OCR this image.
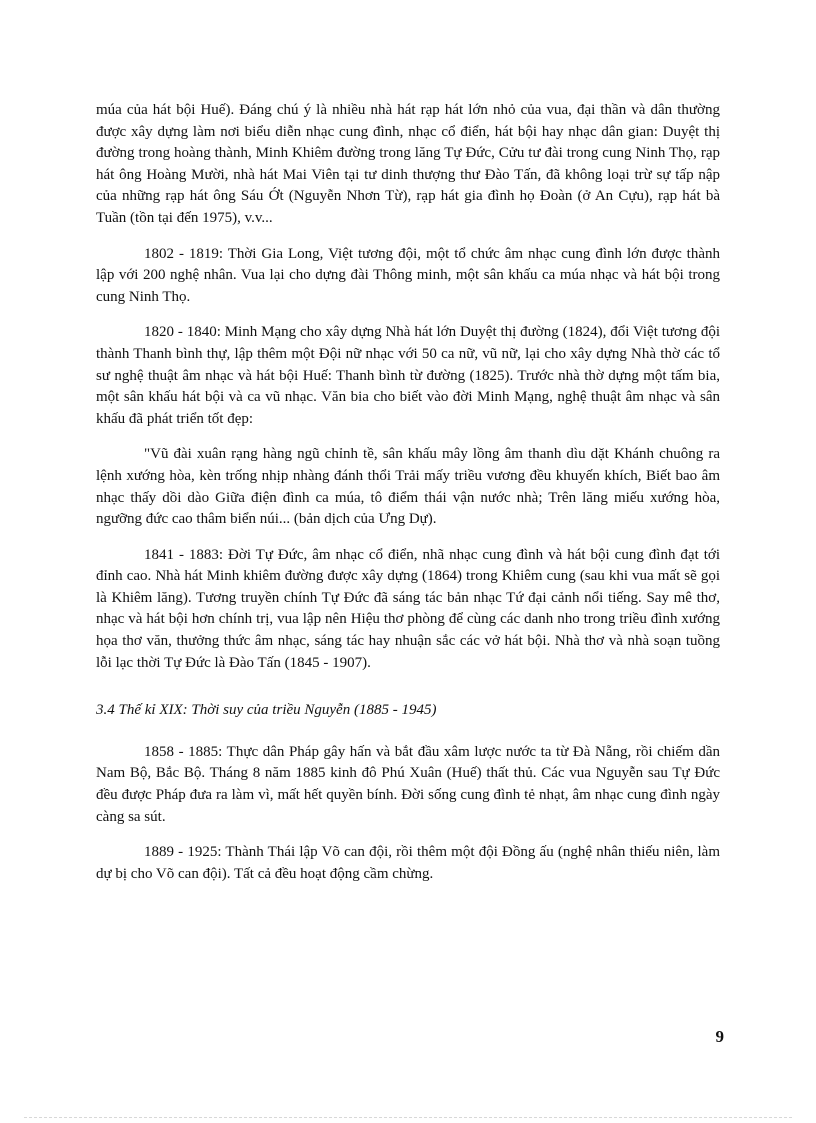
múa của hát bội Huế). Đáng chú ý là nhiều nhà hát rạp hát lớn nhỏ của vua, đại thần và dân thường được xây dựng làm nơi biểu diễn nhạc cung đình, nhạc cổ điển, hát bội hay nhạc dân gian: Duyệt thị đường trong hoàng thành, Minh Khiêm đường trong lăng Tự Đức, Cửu tư đài trong cung Ninh Thọ, rạp hát ông Hoàng Mười, nhà hát Mai Viên tại tư dinh thượng thư Đào Tấn, đã không loại trừ sự tấp nập của những rạp hát ông Sáu Ớt (Nguyễn Nhơn Từ), rạp hát gia đình họ Đoàn (ở An Cựu), rạp hát bà Tuần (tồn tại đến 1975), v.v...

1802 - 1819: Thời Gia Long, Việt tương đội, một tổ chức âm nhạc cung đình lớn được thành lập với 200 nghệ nhân. Vua lại cho dựng đài Thông minh, một sân khấu ca múa nhạc và hát bội trong cung Ninh Thọ.

1820 - 1840: Minh Mạng cho xây dựng Nhà hát lớn Duyệt thị đường (1824), đổi Việt tương đội thành Thanh bình thự, lập thêm một Đội nữ nhạc với 50 ca nữ, vũ nữ, lại cho xây dựng Nhà thờ các tổ sư nghệ thuật âm nhạc và hát bội Huế: Thanh bình từ đường (1825). Trước nhà thờ dựng một tấm bia, một sân khấu hát bội và ca vũ nhạc. Văn bia cho biết vào đời Minh Mạng, nghệ thuật âm nhạc và sân khấu đã phát triển tốt đẹp:

"Vũ đài xuân rạng hàng ngũ chỉnh tề, sân khấu mây lồng âm thanh dìu dặt Khánh chuông ra lệnh xướng hòa, kèn trống nhịp nhàng đánh thổi Trải mấy triều vương đều khuyến khích, Biết bao âm nhạc thấy dồi dào Giữa điện đình ca múa, tô điểm thái vận nước nhà; Trên lăng miếu xướng hòa, ngưỡng đức cao thâm biển núi... (bản dịch của Ưng Dự).

1841 - 1883: Đời Tự Đức, âm nhạc cổ điển, nhã nhạc cung đình và hát bội cung đình đạt tới đỉnh cao. Nhà hát Minh khiêm đường được xây dựng (1864) trong Khiêm cung (sau khi vua mất sẽ gọi là Khiêm lăng). Tương truyền chính Tự Đức đã sáng tác bản nhạc Tứ đại cảnh nổi tiếng. Say mê thơ, nhạc và hát bội hơn chính trị, vua lập nên Hiệu thơ phòng để cùng các danh nho trong triều đình xướng họa thơ văn, thưởng thức âm nhạc, sáng tác hay nhuận sắc các vở hát bội. Nhà thơ và nhà soạn tuồng lỗi lạc thời Tự Đức là Đào Tấn (1845 - 1907).

3.4 Thế kỉ XIX: Thời suy của triều Nguyễn (1885 - 1945)

1858 - 1885: Thực dân Pháp gây hấn và bắt đầu xâm lược nước ta từ Đà Nẵng, rồi chiếm dần Nam Bộ, Bắc Bộ. Tháng 8 năm 1885 kinh đô Phú Xuân (Huế) thất thủ. Các vua Nguyễn sau Tự Đức đều được Pháp đưa ra làm vì, mất hết quyền bính. Đời sống cung đình tẻ nhạt, âm nhạc cung đình ngày càng sa sút.

1889 - 1925: Thành Thái lập Võ can đội, rồi thêm một đội Đồng ấu (nghệ nhân thiếu niên, làm dự bị cho Võ can đội). Tất cả đều hoạt động cầm chừng.

9
